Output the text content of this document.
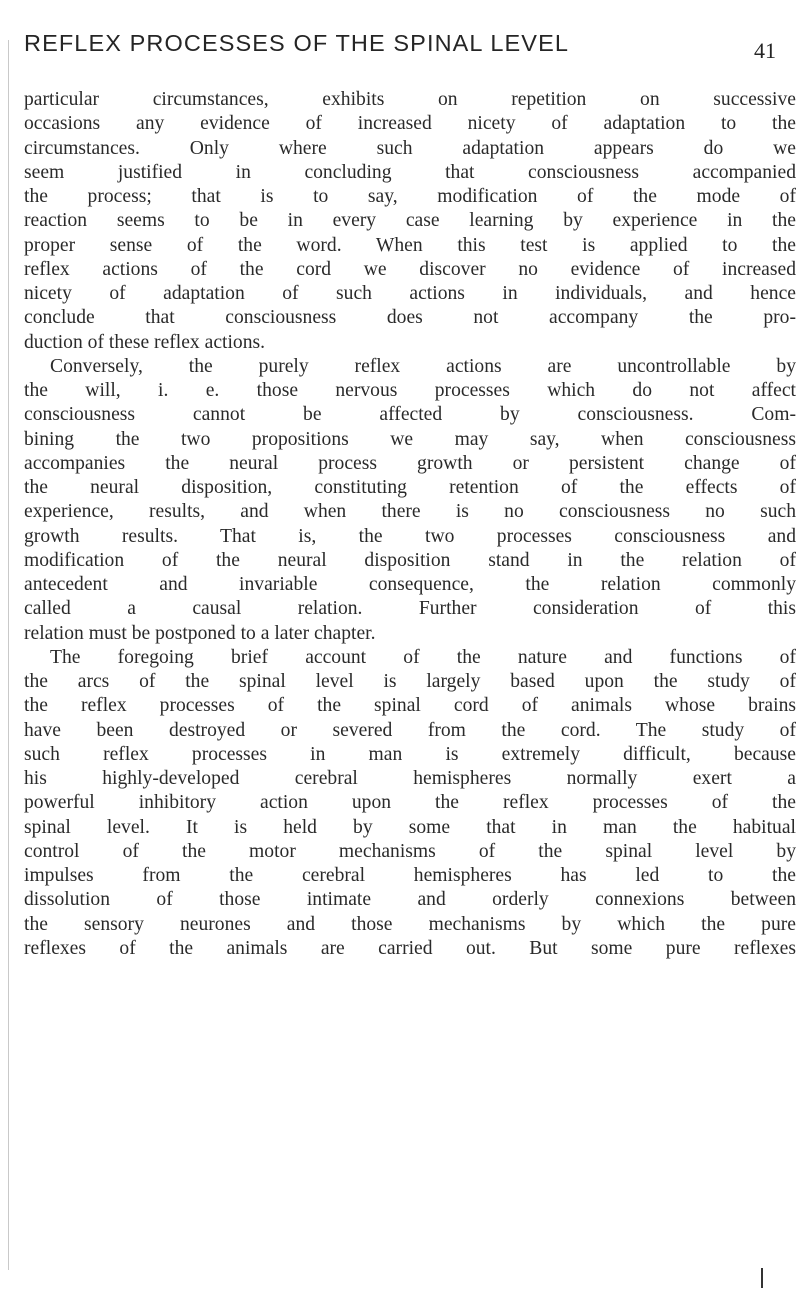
REFLEX PROCESSES OF THE SPINAL LEVEL	41
particular circumstances, exhibits on repetition on successive
occasions any evidence of increased nicety of adaptation to the
circumstances. Only where such adaptation appears do we
seem justified in concluding that consciousness accompanied
the process; that is to say, modification of the mode of
reaction seems to be in every case learning by experience in the
proper sense of the word. When this test is applied to the
reflex actions of the cord we discover no evidence of increased
nicety of adaptation of such actions in individuals, and hence
conclude that consciousness does not accompany the pro-
duction of these reflex actions.
Conversely, the purely reflex actions are uncontrollable by
the will, i. e. those nervous processes which do not affect
consciousness cannot be affected by consciousness. Com-
bining the two propositions we may say, when consciousness
accompanies the neural process growth or persistent change of
the neural disposition, constituting retention of the effects of
experience, results, and when there is no consciousness no such
growth results. That is, the two processes consciousness and
modification of the neural disposition stand in the relation of
antecedent and invariable consequence, the relation commonly
called a causal relation. Further consideration of this
relation must be postponed to a later chapter.
The foregoing brief account of the nature and functions of
the arcs of the spinal level is largely based upon the study of
the reflex processes of the spinal cord of animals whose brains
have been destroyed or severed from the cord. The study of
such reflex processes in man is extremely difficult, because
his highly-developed cerebral hemispheres normally exert a
powerful inhibitory action upon the reflex processes of the
spinal level. It is held by some that in man the habitual
control of the motor mechanisms of the spinal level by
impulses from the cerebral hemispheres has led to the
dissolution of those intimate and orderly connexions between
the sensory neurones and those mechanisms by which the pure
reflexes of the animals are carried out. But some pure reflexes
